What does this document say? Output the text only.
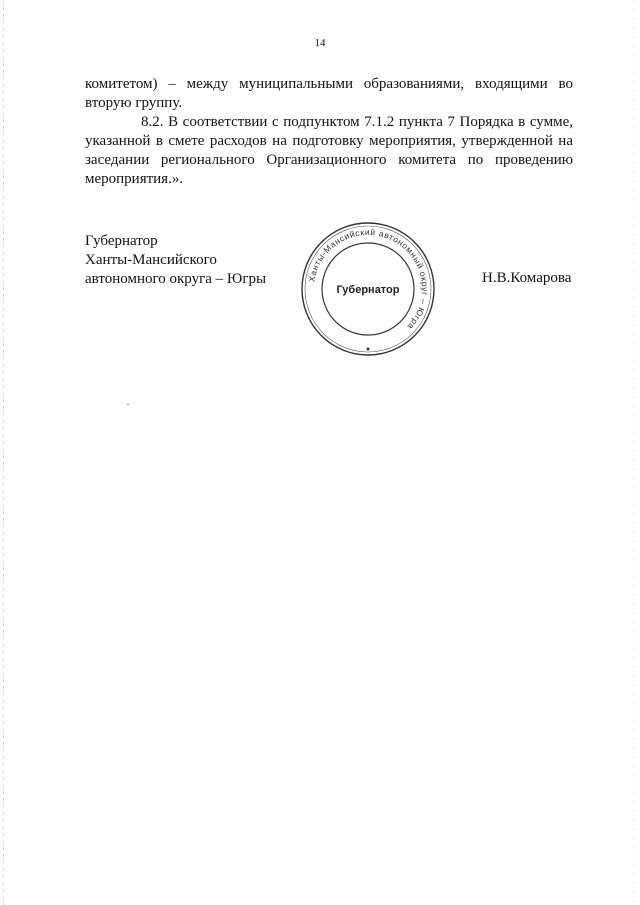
14

комитетом) – между муниципальными образованиями, входящими во вторую группу.

8.2. В соответствии с подпунктом 7.1.2 пункта 7 Порядка в сумме, указанной в смете расходов на подготовку мероприятия, утвержденной на заседании регионального Организационного комитета по проведению мероприятия.».

Губернатор
Ханты-Мансийского
автономного округа – Югры	Н.В.Комарова
Ханты-Мансийский автономный округ – Югра
Губернатор
